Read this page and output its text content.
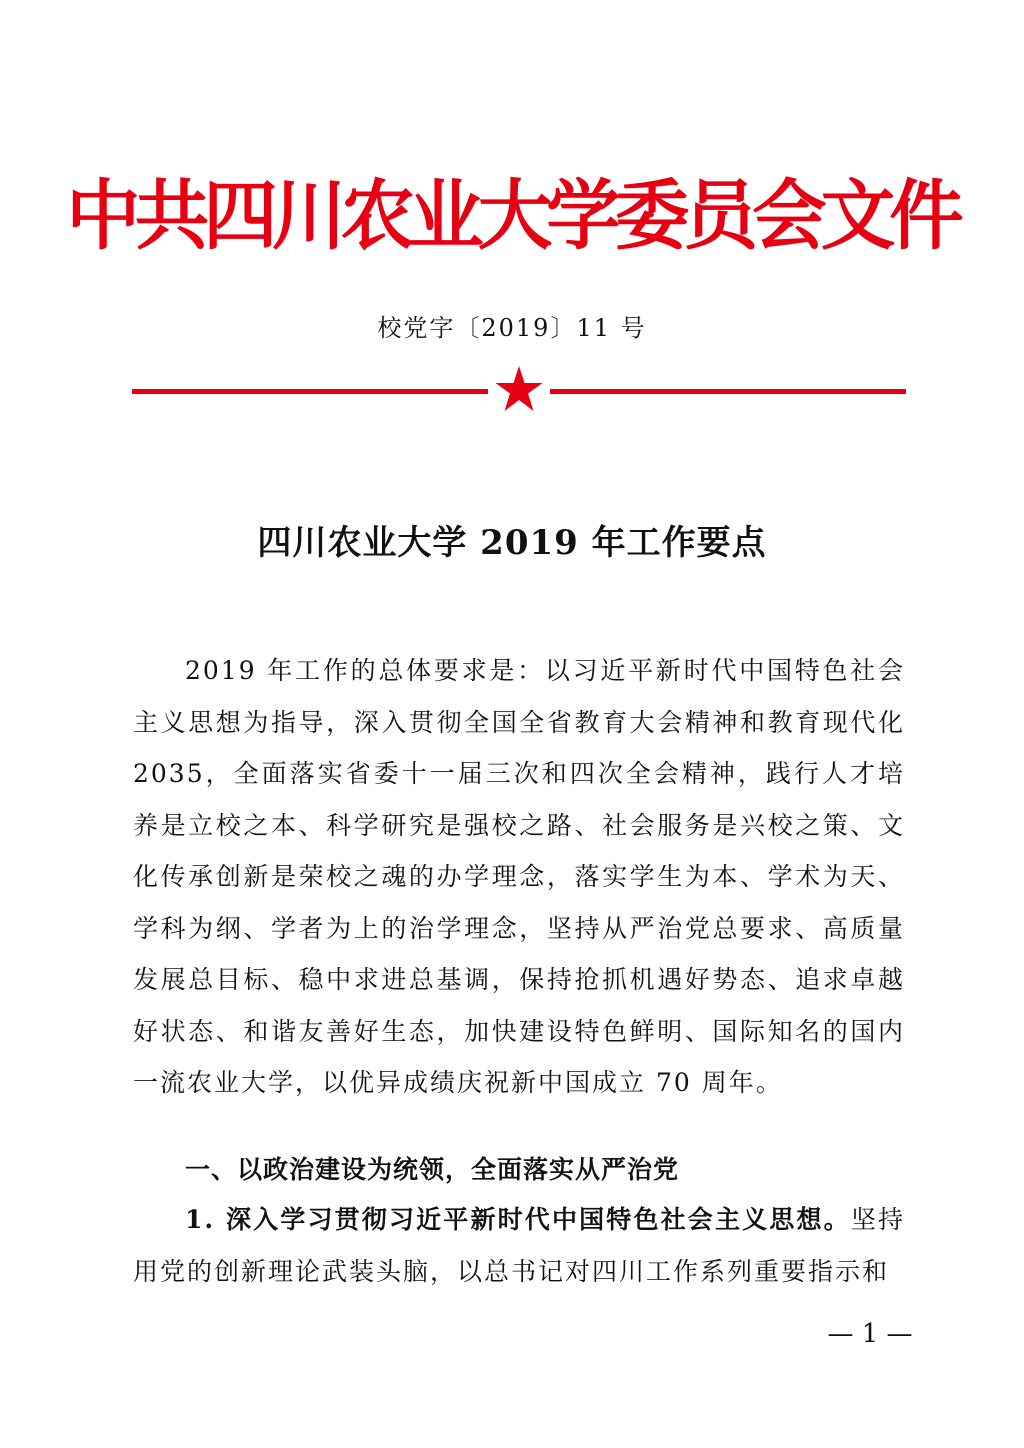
中共四川农业大学委员会文件
校党字〔2019〕11 号
四川农业大学 2019 年工作要点

2019 年工作的总体要求是：以习近平新时代中国特色社会主义思想为指导，深入贯彻全国全省教育大会精神和教育现代化 2035，全面落实省委十一届三次和四次全会精神，践行人才培养是立校之本、科学研究是强校之路、社会服务是兴校之策、文化传承创新是荣校之魂的办学理念，落实学生为本、学术为天、学科为纲、学者为上的治学理念，坚持从严治党总要求、高质量发展总目标、稳中求进总基调，保持抢抓机遇好势态、追求卓越好状态、和谐友善好生态，加快建设特色鲜明、国际知名的国内一流农业大学，以优异成绩庆祝新中国成立 70 周年。

一、以政治建设为统领，全面落实从严治党

1. 深入学习贯彻习近平新时代中国特色社会主义思想。坚持用党的创新理论武装头脑，以总书记对四川工作系列重要指示和

— 1 —
